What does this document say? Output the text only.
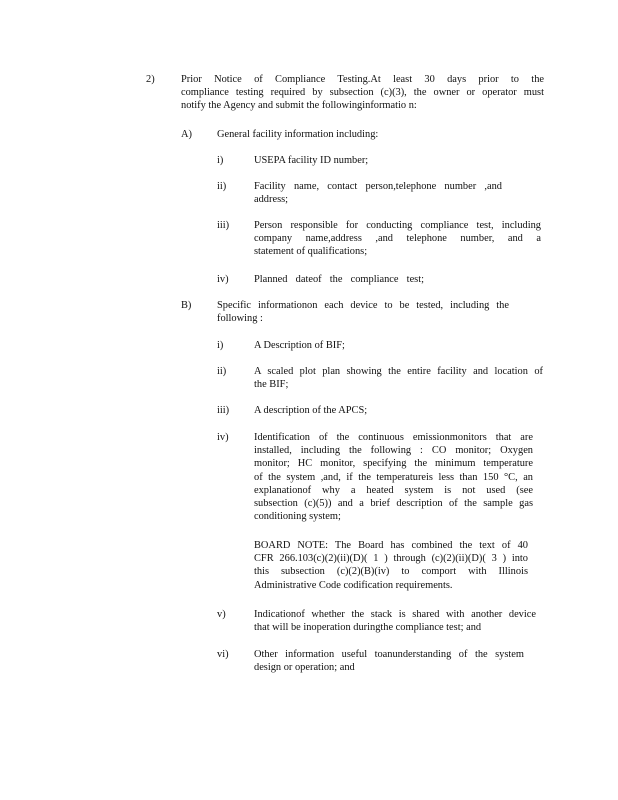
2)	Prior Notice of Compliance Testing.At least 30 days prior to the
compliance testing required by subsection (c)(3), the owner or operator must
notify the Agency and submit the followinginformatio n:
A) General facility information including:
i)	USEPA facility ID number;
ii)	Facility name, contact person,telephone number ,and
address;
iii) Person responsible for conducting compliance test, including
company name,address ,and telephone number, and a
statement of qualifications;
iv) Planned dateof the compliance test;
B) Specific informationon each device to be tested, including the
following :
i)	A Description of BIF;
ii)	A scaled plot plan showing the entire facility and location of
the BIF;
iii) A description of the APCS;
iv) Identification of the continuous emissionmonitors that are
installed, including the following : CO monitor; Oxygen
monitor; HC monitor, specifying the minimum temperature
of the system ,and, if the temperatureis less than 150 °C, an
explanationof why a heated system is not used (see
subsection (c)(5)) and a brief description of the sample gas
conditioning system;
BOARD NOTE: The Board has combined the text of 40
CFR 266.103(c)(2)(ii)(D)( 1 ) through (c)(2)(ii)(D)( 3 ) into
this subsection (c)(2)(B)(iv) to comport with Illinois
Administrative Code codification requirements.
v)	Indicationof whether the stack is shared with another device
that will be inoperation duringthe compliance test; and
vi) Other information useful toanunderstanding of the system
design or operation; and
